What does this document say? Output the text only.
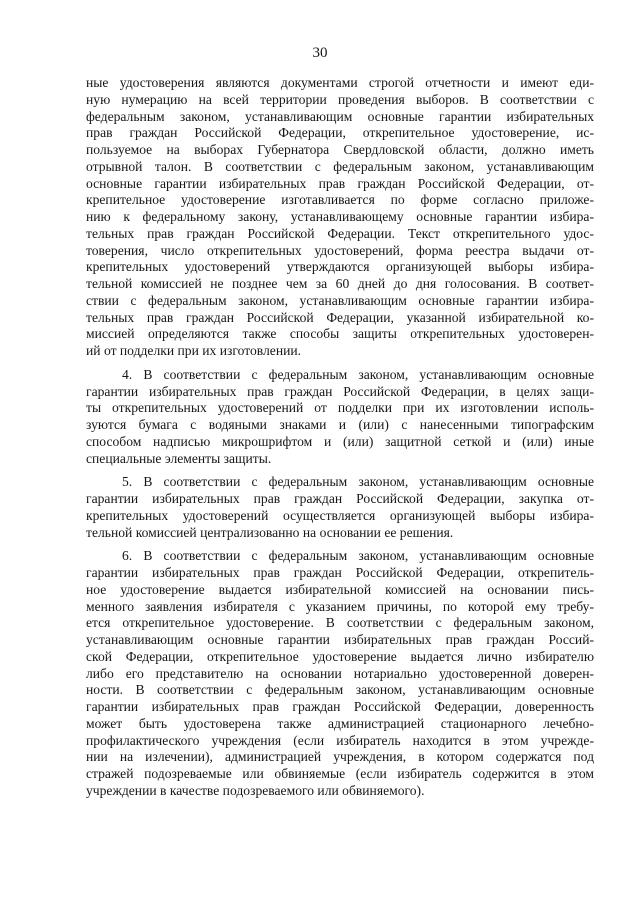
30
ные удостоверения являются документами строгой отчетности и имеют еди-
ную нумерацию на всей территории проведения выборов. В соответствии с
федеральным законом, устанавливающим основные гарантии избирательных
прав граждан Российской Федерации, открепительное удостоверение, ис-
пользуемое на выборах Губернатора Свердловской области, должно иметь
отрывной талон. В соответствии с федеральным законом, устанавливающим
основные гарантии избирательных прав граждан Российской Федерации, от-
крепительное удостоверение изготавливается по форме согласно приложе-
нию к федеральному закону, устанавливающему основные гарантии избира-
тельных прав граждан Российской Федерации. Текст открепительного удос-
товерения, число открепительных удостоверений, форма реестра выдачи от-
крепительных удостоверений утверждаются организующей выборы избира-
тельной комиссией не позднее чем за 60 дней до дня голосования. В соответ-
ствии с федеральным законом, устанавливающим основные гарантии избира-
тельных прав граждан Российской Федерации, указанной избирательной ко-
миссией определяются также способы защиты открепительных удостоверен-
ий от подделки при их изготовлении.
4. В соответствии с федеральным законом, устанавливающим основные
гарантии избирательных прав граждан Российской Федерации, в целях защи-
ты открепительных удостоверений от подделки при их изготовлении исполь-
зуются бумага с водяными знаками и (или) с нанесенными типографским
способом надписью микрошрифтом и (или) защитной сеткой и (или) иные
специальные элементы защиты.
5. В соответствии с федеральным законом, устанавливающим основные
гарантии избирательных прав граждан Российской Федерации, закупка от-
крепительных удостоверений осуществляется организующей выборы избира-
тельной комиссией централизованно на основании ее решения.
6. В соответствии с федеральным законом, устанавливающим основные
гарантии избирательных прав граждан Российской Федерации, открепитель-
ное удостоверение выдается избирательной комиссией на основании пись-
менного заявления избирателя с указанием причины, по которой ему требу-
ется открепительное удостоверение. В соответствии с федеральным законом,
устанавливающим основные гарантии избирательных прав граждан Россий-
ской Федерации, открепительное удостоверение выдается лично избирателю
либо его представителю на основании нотариально удостоверенной доверен-
ности. В соответствии с федеральным законом, устанавливающим основные
гарантии избирательных прав граждан Российской Федерации, доверенность
может быть удостоверена также администрацией стационарного лечебно-
профилактического учреждения (если избиратель находится в этом учрежде-
нии на излечении), администрацией учреждения, в котором содержатся под
стражей подозреваемые или обвиняемые (если избиратель содержится в этом
учреждении в качестве подозреваемого или обвиняемого).
